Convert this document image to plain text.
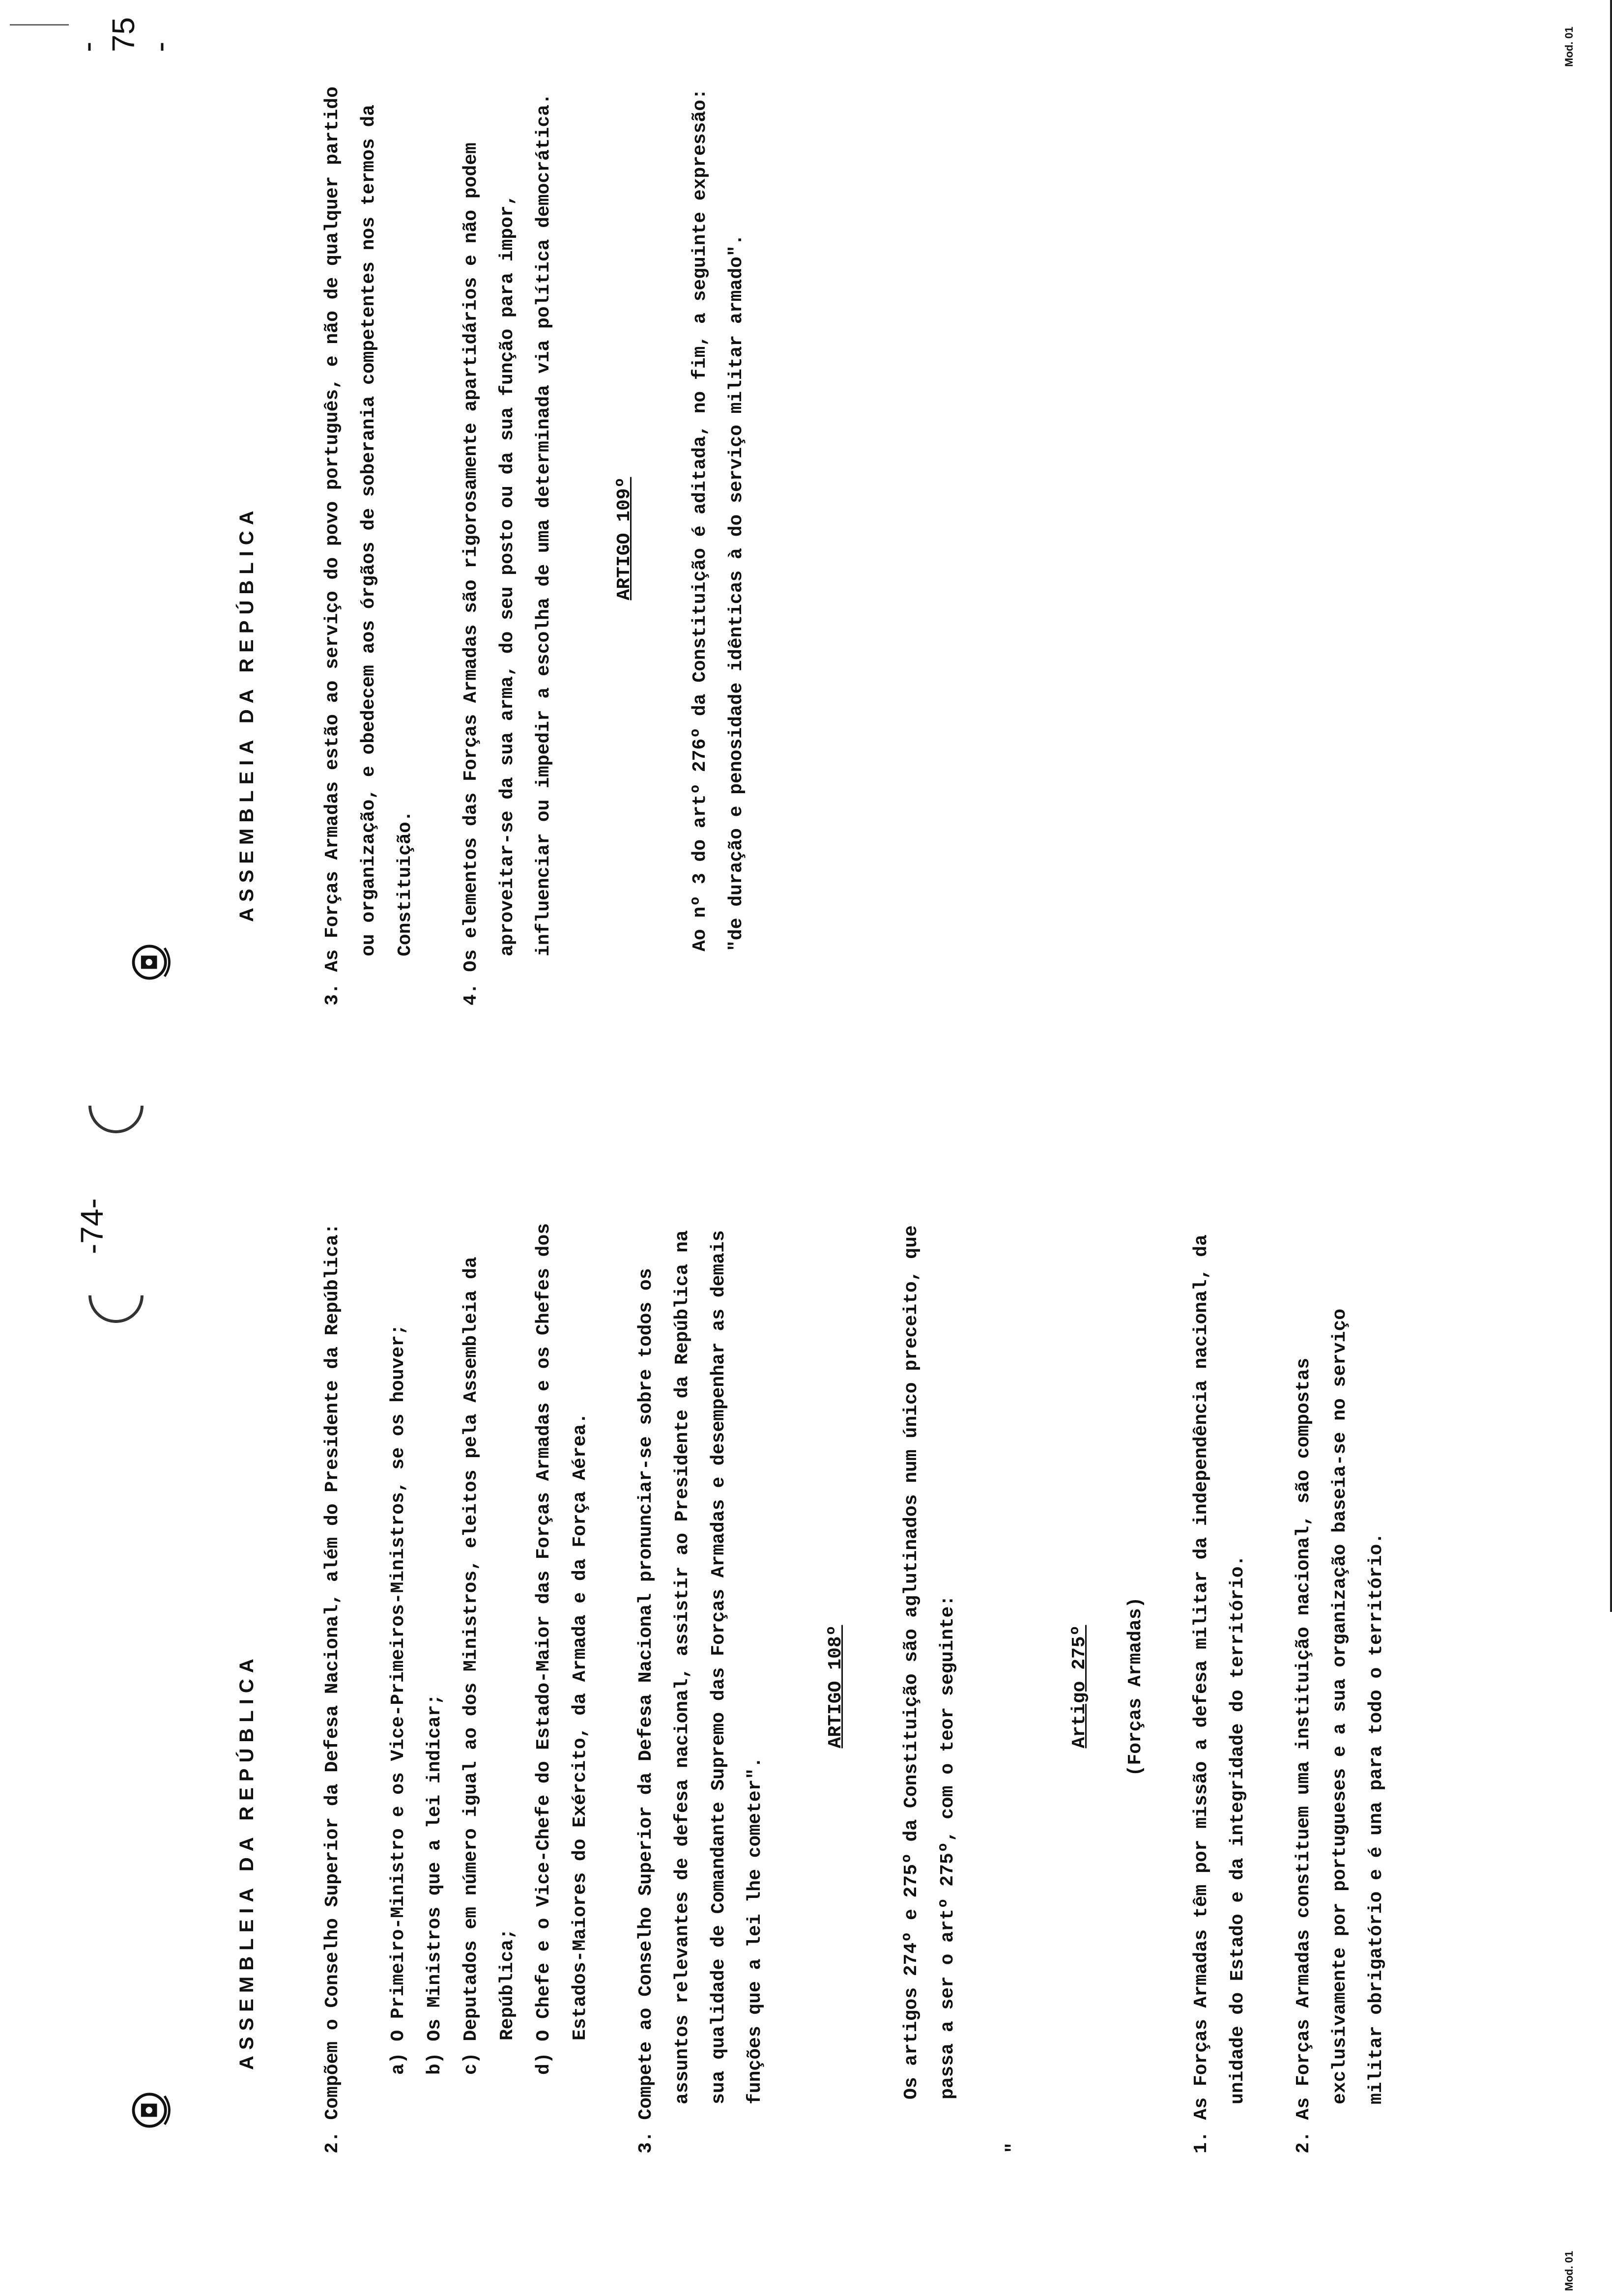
ASSEMBLEIA DA REPÚBLICA
-74-	2. Compõem o Conselho Superior da Defesa Nacional, além do Presidente da República:	a) O Primeiro-Ministro e os Vice-Primeiros-Ministros, se os houver; b) Os Ministros que a lei indicar; c) Deputados em número igual ao dos Ministros, eleitos pela Assembleia da República; d) O Chefe e o Vice-Chefe do Estado-Maior das Forças Armadas e os Chefes dos Estados-Maiores do Exército, da Armada e da Força Aérea.	3. Compete ao Conselho Superior da Defesa Nacional pronunciar-se sobre todos os assuntos relevantes de defesa nacional, assistir ao Presidente da República na sua qualidade de Comandante Supremo das Forças Armadas e desempenhar as demais funções que a lei lhe cometer".

ARTIGO 108º	Os artigos 274º e 275º da Constituição são aglutinados num único preceito, que passa a ser o artº 275º, com o teor seguinte:

"

Artigo 275º	(Forças Armadas)	1. As Forças Armadas têm por missão a defesa militar da independência nacional, da unidade do Estado e da integridade do território.	2. As Forças Armadas constituem uma instituição nacional, são compostas exclusivamente por portugueses e a sua organização baseia-se no serviço militar obrigatório e é una para todo o território.

Mod. 01
ASSEMBLEIA DA REPÚBLICA
- 75 -

3. As Forças Armadas estão ao serviço do povo português, e não de qualquer partido ou organização, e obedecem aos órgãos de soberania competentes nos termos da Constituição.	4. Os elementos das Forças Armadas são rigorosamente apartidários e não podem aproveitar-se da sua arma, do seu posto ou da sua função para impor, influenciar ou impedir a escolha de uma determinada via política democrática.	ARTIGO 109º	Ao nº 3 do artº 276º da Constituição é aditada, no fim, a seguinte expressão: "de duração e penosidade idênticas à do serviço militar armado".

Mod. 01
